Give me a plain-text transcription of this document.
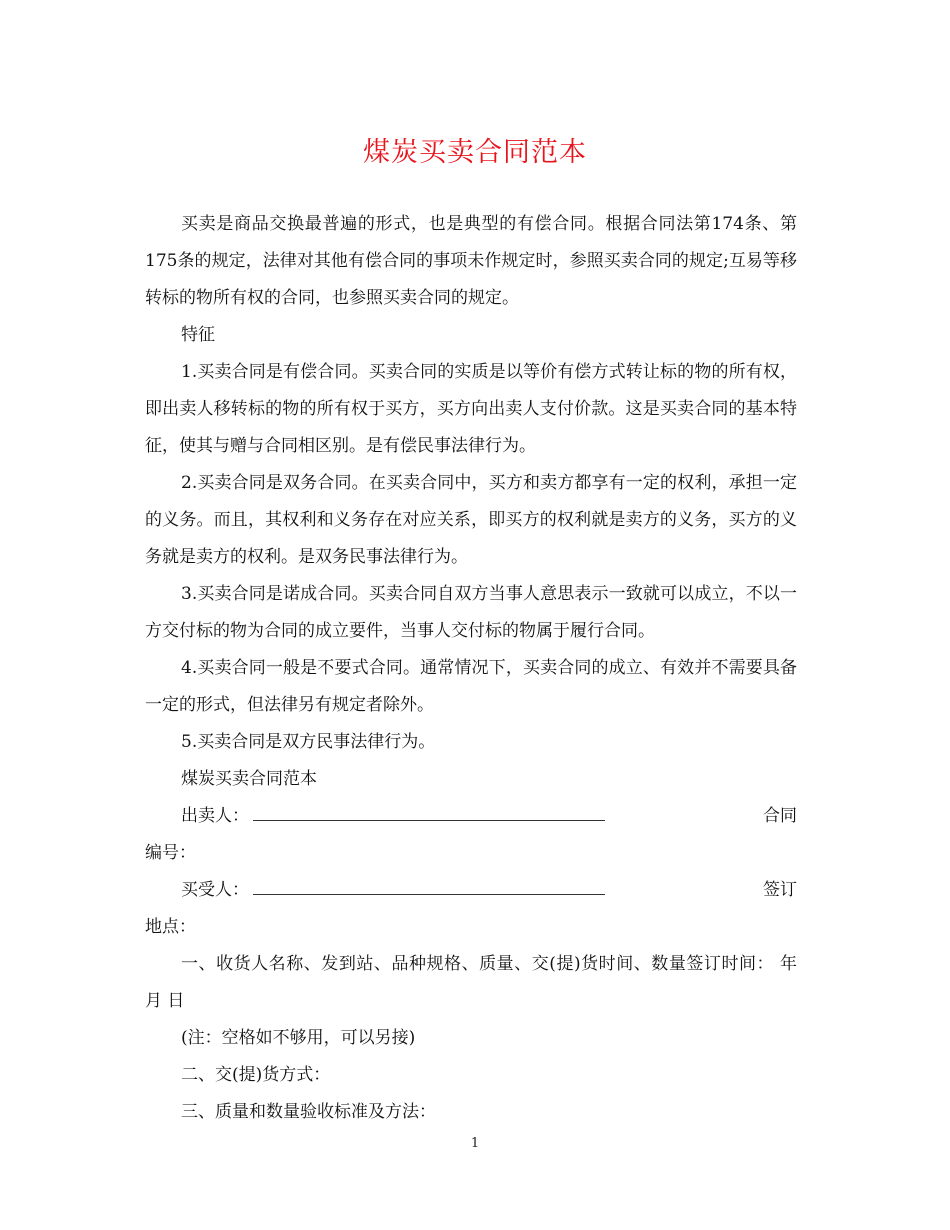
煤炭买卖合同范本

买卖是商品交换最普遍的形式，也是典型的有偿合同。根据合同法第174条、第175条的规定，法律对其他有偿合同的事项未作规定时，参照买卖合同的规定;互易等移转标的物所有权的合同，也参照买卖合同的规定。

特征

1.买卖合同是有偿合同。买卖合同的实质是以等价有偿方式转让标的物的所有权，即出卖人移转标的物的所有权于买方，买方向出卖人支付价款。这是买卖合同的基本特征，使其与赠与合同相区别。是有偿民事法律行为。

2.买卖合同是双务合同。在买卖合同中，买方和卖方都享有一定的权利，承担一定的义务。而且，其权利和义务存在对应关系，即买方的权利就是卖方的义务，买方的义务就是卖方的权利。是双务民事法律行为。

3.买卖合同是诺成合同。买卖合同自双方当事人意思表示一致就可以成立，不以一方交付标的物为合同的成立要件，当事人交付标的物属于履行合同。

4.买卖合同一般是不要式合同。通常情况下，买卖合同的成立、有效并不需要具备一定的形式，但法律另有规定者除外。

5.买卖合同是双方民事法律行为。

煤炭买卖合同范本

出卖人：	合同
编号：
买受人：	签订
地点：

一、收货人名称、发到站、品种规格、质量、交(提)货时间、数量签订时间： 年 月 日

(注：空格如不够用，可以另接)

二、交(提)货方式：

三、质量和数量验收标准及方法：

1
